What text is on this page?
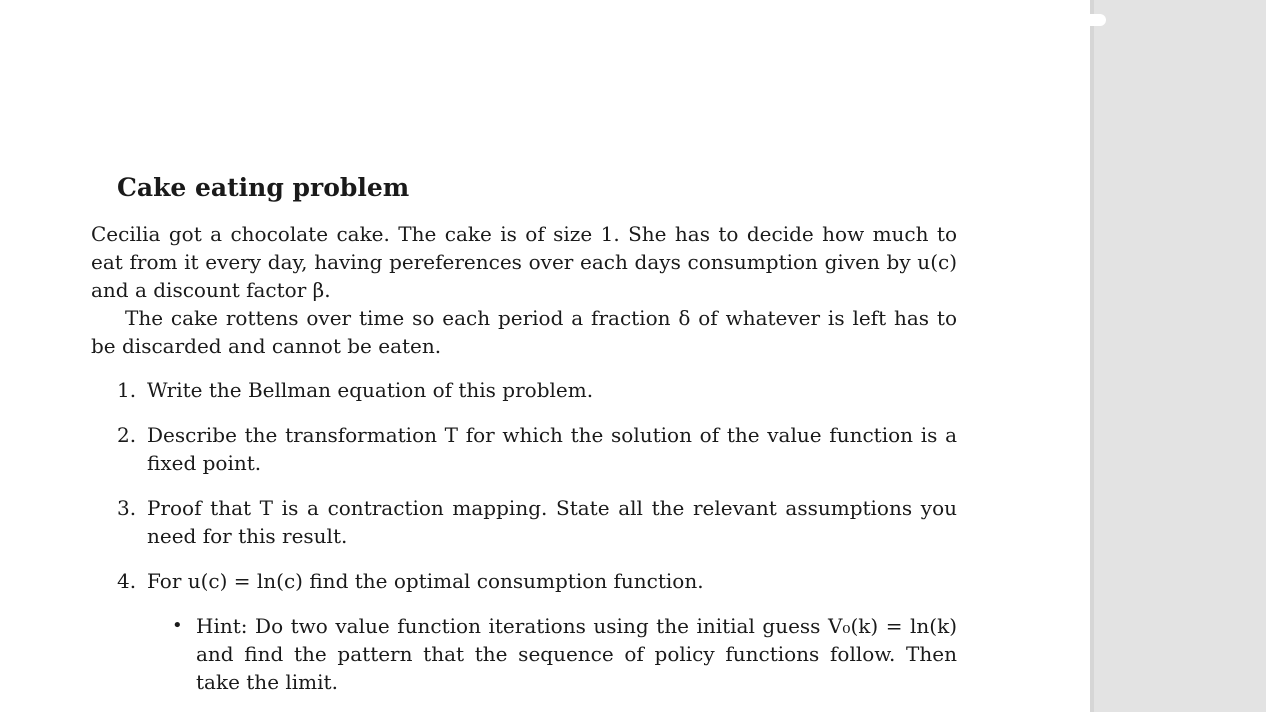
Cake eating problem

Cecilia got a chocolate cake. The cake is of size 1. She has to decide how much to eat from it every day, having pereferences over each days consumption given by u(c) and a discount factor β.

The cake rottens over time so each period a fraction δ of whatever is left has to be discarded and cannot be eaten.

1. Write the Bellman equation of this problem.
2. Describe the transformation T for which the solution of the value function is a fixed point.
3. Proof that T is a contraction mapping. State all the relevant assumptions you need for this result.
4. For u(c) = ln(c) find the optimal consumption function.
• Hint: Do two value function iterations using the initial guess V₀(k) = ln(k) and find the pattern that the sequence of policy functions follow. Then take the limit.
